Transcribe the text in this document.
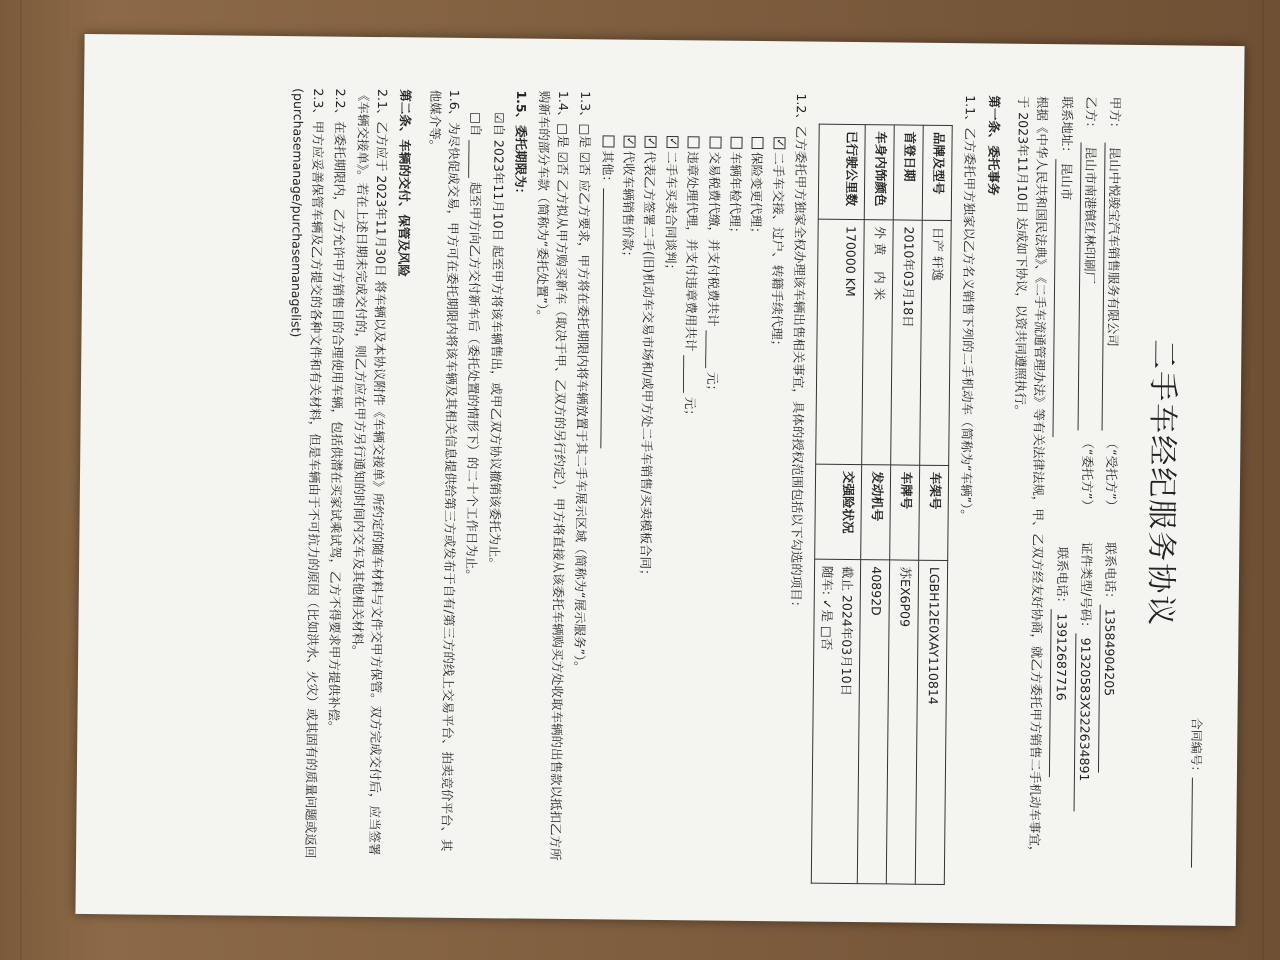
合同编号：
二手车经纪服务协议
甲方：
昆山中悦骏宝汽车销售服务有限公司
（“受托方”）
联系电话：
13584904205
乙方：
昆山市南港镇红林印刷厂
（“委托方”）
证件类型/号码：
91320583X32263489​1
联系地址：
昆山市
联系电话：
13912687716
根据《中华人民共和国民法典》、《二手车流通管理办法》等有关法律法规，甲、乙双方经友好协商，就乙方委托甲方销售二手机动车事宜，于 2023年11月10日 达成如下协议，以资共同遵照执行。
第一条、委托事务
1.1、乙方委托甲方独家以乙方名义销售下列的二手机动车（简称为“车辆”）。
品牌及型号	日产 轩逸	车架号	LGBH12E0XAY110814
首登日期	2010年03月18日	车牌号	苏EX6P09
车身内饰颜色	外 黄    内 米	发动机号	40892D
已行驶公里数	170000 KM	交强险状况	截止 2024年03月10日
随车: ✓是 □否
1.2、乙方委托甲方独家全权办理该车辆出售相关事宜，具体的授权范围包括以下勾选的项目：
✓二手车交接、过户、转籍手续代理；
保险变更代理；
车辆年检代理；
交易税费代缴，并支付税费共计 ______ 元；
违章处理代理，并支付违章费用共计 ______ 元；
✓二手车买卖合同谈判；
✓代表乙方签署二手(旧)机动车交易市场和/或甲方处二手车销售/买卖模板合同；
✓代收车辆销售价款；
其他：
1.3、□是 ☑否 应乙方要求，甲方将在委托期限内将车辆放置于其二手车展示区域（简称为“展示服务”）。
1.4、□是 ☑否 乙方拟从甲方购买新车（取决于甲、乙双方的另行约定），甲方将直接从该委托车辆购买方处收取车辆的出售款以抵扣乙方所购新车的部分车款（简称为“委托处置”）。
1.5、委托期限为：
☑自 2023年11月10日 起至甲方将该车辆售出，或甲乙双方协议撤销该委托为止。
□自 ______ 起至甲方向乙方交付新车后（委托处置的情形下）的二十个工作日为止。
1.6、为尽快促成交易，甲方可在委托期限内将该车辆及其相关信息提供给第三方或发布于自有/第三方的线上交易平台、拍卖竞价平台、其他媒介等。
第二条、车辆的交付、保管及风险
2.1、乙方应于 2023年11月30日 将车辆以及本协议附件《车辆交接单》所约定的随车材料与文件交甲方保管。双方完成交付后，应当签署《车辆交接单》。若在上述日期未完成交付的，则乙方应在甲方另行通知的时间内交车及其他相关材料。
2.2、在委托期限内，乙方允许甲方销售目的合理使用车辆，包括供潜在买家试乘试驾，乙方不得要求甲方提供补偿。
2.3、甲方应妥善保管车辆及乙方提交的各种文件和有关材料，但是车辆由于不可抗力的原因（比如洪水、火灾）或其固有的质量问题或返回 (purchasemanage/purchasemanagelist)
